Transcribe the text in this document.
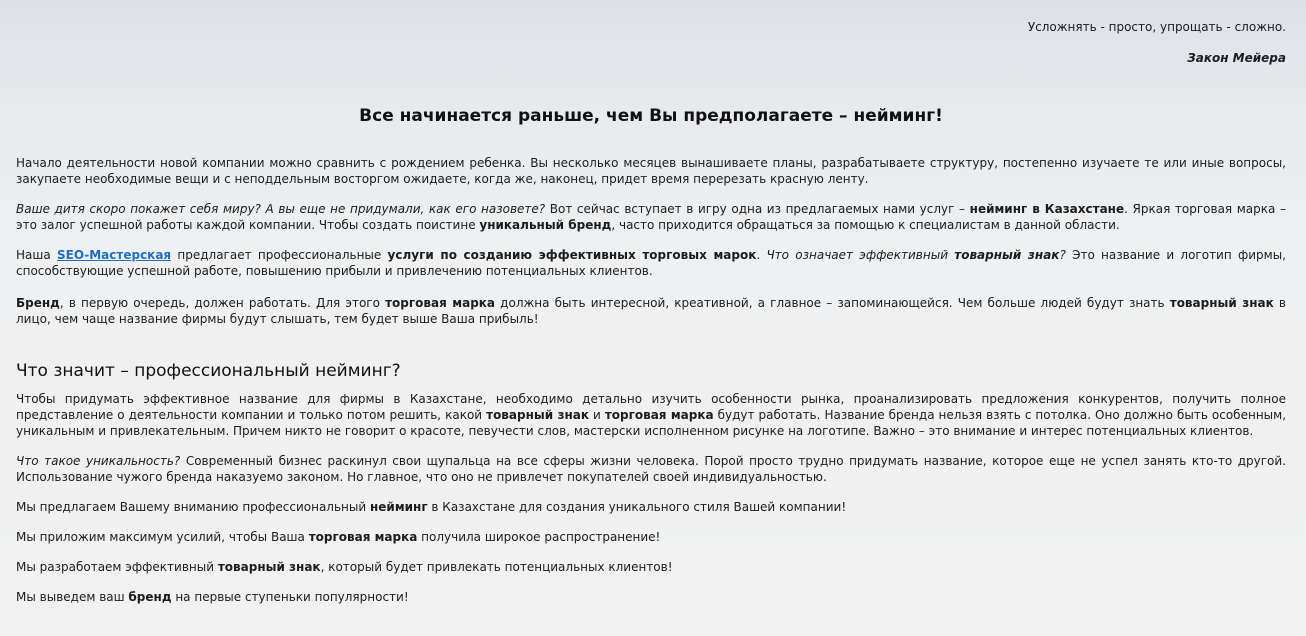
Усложнять - просто, упрощать - сложно.

Закон Мейера

Все начинается раньше, чем Вы предполагаете – нейминг!

Начало деятельности новой компании можно сравнить с рождением ребенка. Вы несколько месяцев вынашиваете планы, разрабатываете структуру, постепенно изучаете те или иные вопросы, закупаете необходимые вещи и с неподдельным восторгом ожидаете, когда же, наконец, придет время перерезать красную ленту.

Ваше дитя скоро покажет себя миру? А вы еще не придумали, как его назовете? Вот сейчас вступает в игру одна из предлагаемых нами услуг – нейминг в Казахстане. Яркая торговая марка – это залог успешной работы каждой компании. Чтобы создать поистине уникальный бренд, часто приходится обращаться за помощью к специалистам в данной области.

Наша SEO-Мастерская предлагает профессиональные услуги по созданию эффективных торговых марок. Что означает эффективный товарный знак? Это название и логотип фирмы, способствующие успешной работе, повышению прибыли и привлечению потенциальных клиентов.

Бренд, в первую очередь, должен работать. Для этого торговая марка должна быть интересной, креативной, а главное – запоминающейся. Чем больше людей будут знать товарный знак в лицо, чем чаще название фирмы будут слышать, тем будет выше Ваша прибыль!

Что значит – профессиональный нейминг?

Чтобы придумать эффективное название для фирмы в Казахстане, необходимо детально изучить особенности рынка, проанализировать предложения конкурентов, получить полное представление о деятельности компании и только потом решить, какой товарный знак и торговая марка будут работать. Название бренда нельзя взять с потолка. Оно должно быть особенным, уникальным и привлекательным. Причем никто не говорит о красоте, певучести слов, мастерски исполненном рисунке на логотипе. Важно – это внимание и интерес потенциальных клиентов.

Что такое уникальность? Современный бизнес раскинул свои щупальца на все сферы жизни человека. Порой просто трудно придумать название, которое еще не успел занять кто-то другой. Использование чужого бренда наказуемо законом. Но главное, что оно не привлечет покупателей своей индивидуальностью.

Мы предлагаем Вашему вниманию профессиональный нейминг в Казахстане для создания уникального стиля Вашей компании!

Мы приложим максимум усилий, чтобы Ваша торговая марка получила широкое распространение!

Мы разработаем эффективный товарный знак, который будет привлекать потенциальных клиентов!

Мы выведем ваш бренд на первые ступеньки популярности!
